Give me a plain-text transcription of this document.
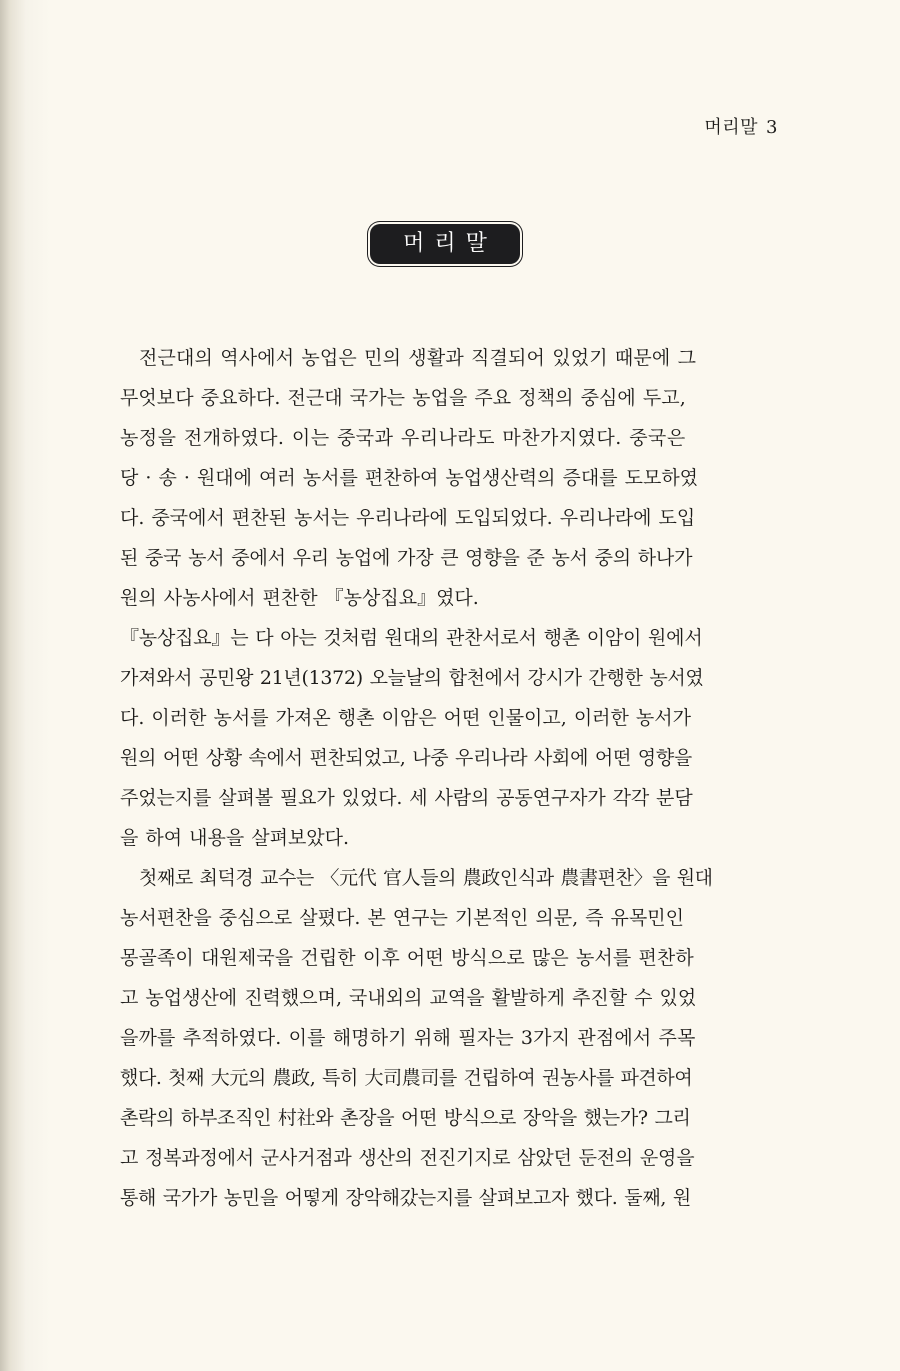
머리말 3
머리말
전근대의 역사에서 농업은 민의 생활과 직결되어 있었기 때문에 그
무엇보다 중요하다. 전근대 국가는 농업을 주요 정책의 중심에 두고,
농정을 전개하였다. 이는 중국과 우리나라도 마찬가지였다. 중국은
당 · 송 · 원대에 여러 농서를 편찬하여 농업생산력의 증대를 도모하였
다. 중국에서 편찬된 농서는 우리나라에 도입되었다. 우리나라에 도입
된 중국 농서 중에서 우리 농업에 가장 큰 영향을 준 농서 중의 하나가
원의 사농사에서 편찬한 『농상집요』였다.
『농상집요』는 다 아는 것처럼 원대의 관찬서로서 행촌 이암이 원에서
가져와서 공민왕 21년(1372) 오늘날의 합천에서 강시가 간행한 농서였
다. 이러한 농서를 가져온 행촌 이암은 어떤 인물이고, 이러한 농서가
원의 어떤 상황 속에서 편찬되었고, 나중 우리나라 사회에 어떤 영향을
주었는지를 살펴볼 필요가 있었다. 세 사람의 공동연구자가 각각 분담
을 하여 내용을 살펴보았다.
첫째로 최덕경 교수는 〈元代 官人들의 農政인식과 農書편찬〉을 원대
농서편찬을 중심으로 살폈다. 본 연구는 기본적인 의문, 즉 유목민인
몽골족이 대원제국을 건립한 이후 어떤 방식으로 많은 농서를 편찬하
고 농업생산에 진력했으며, 국내외의 교역을 활발하게 추진할 수 있었
을까를 추적하였다. 이를 해명하기 위해 필자는 3가지 관점에서 주목
했다. 첫째 大元의 農政, 특히 大司農司를 건립하여 권농사를 파견하여
촌락의 하부조직인 村社와 촌장을 어떤 방식으로 장악을 했는가? 그리
고 정복과정에서 군사거점과 생산의 전진기지로 삼았던 둔전의 운영을
통해 국가가 농민을 어떻게 장악해갔는지를 살펴보고자 했다. 둘째, 원
